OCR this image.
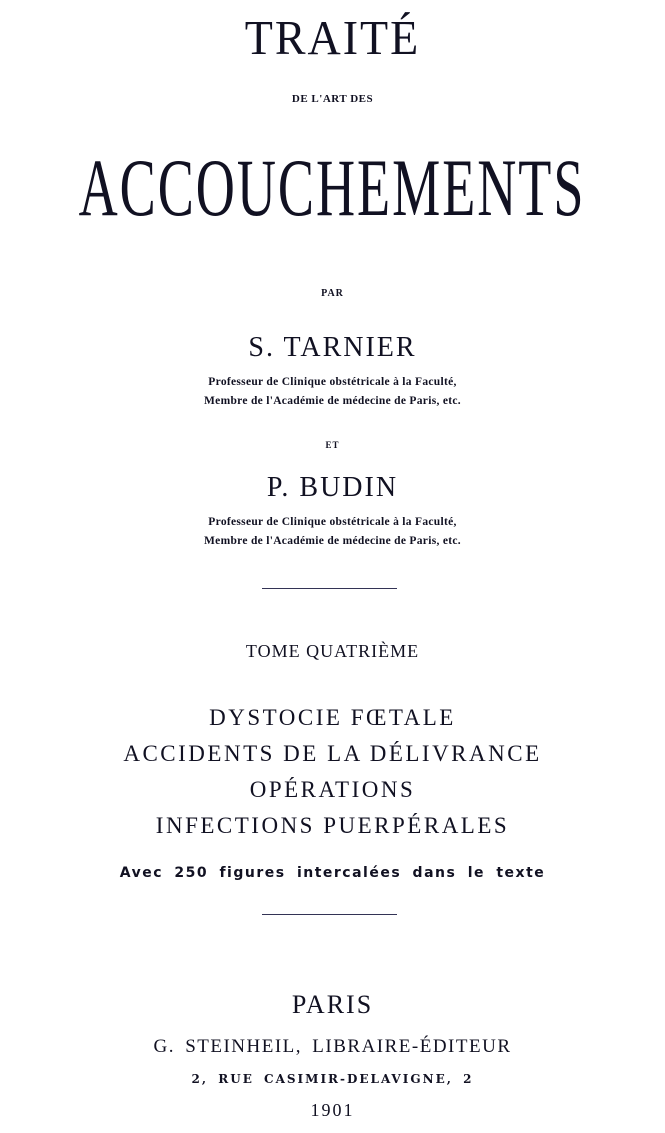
TRAITÉ
DE L'ART DES
ACCOUCHEMENTS
PAR
S. TARNIER
Professeur de Clinique obstétricale à la Faculté,
Membre de l'Académie de médecine de Paris, etc.
ET
P. BUDIN
Professeur de Clinique obstétricale à la Faculté,
Membre de l'Académie de médecine de Paris, etc.
TOME QUATRIÈME
DYSTOCIE FŒTALE
ACCIDENTS DE LA DÉLIVRANCE
OPÉRATIONS
INFECTIONS PUERPÉRALES
Avec 250 figures intercalées dans le texte
PARIS
G. STEINHEIL, LIBRAIRE-ÉDITEUR
2, RUE CASIMIR-DELAVIGNE, 2
1901
